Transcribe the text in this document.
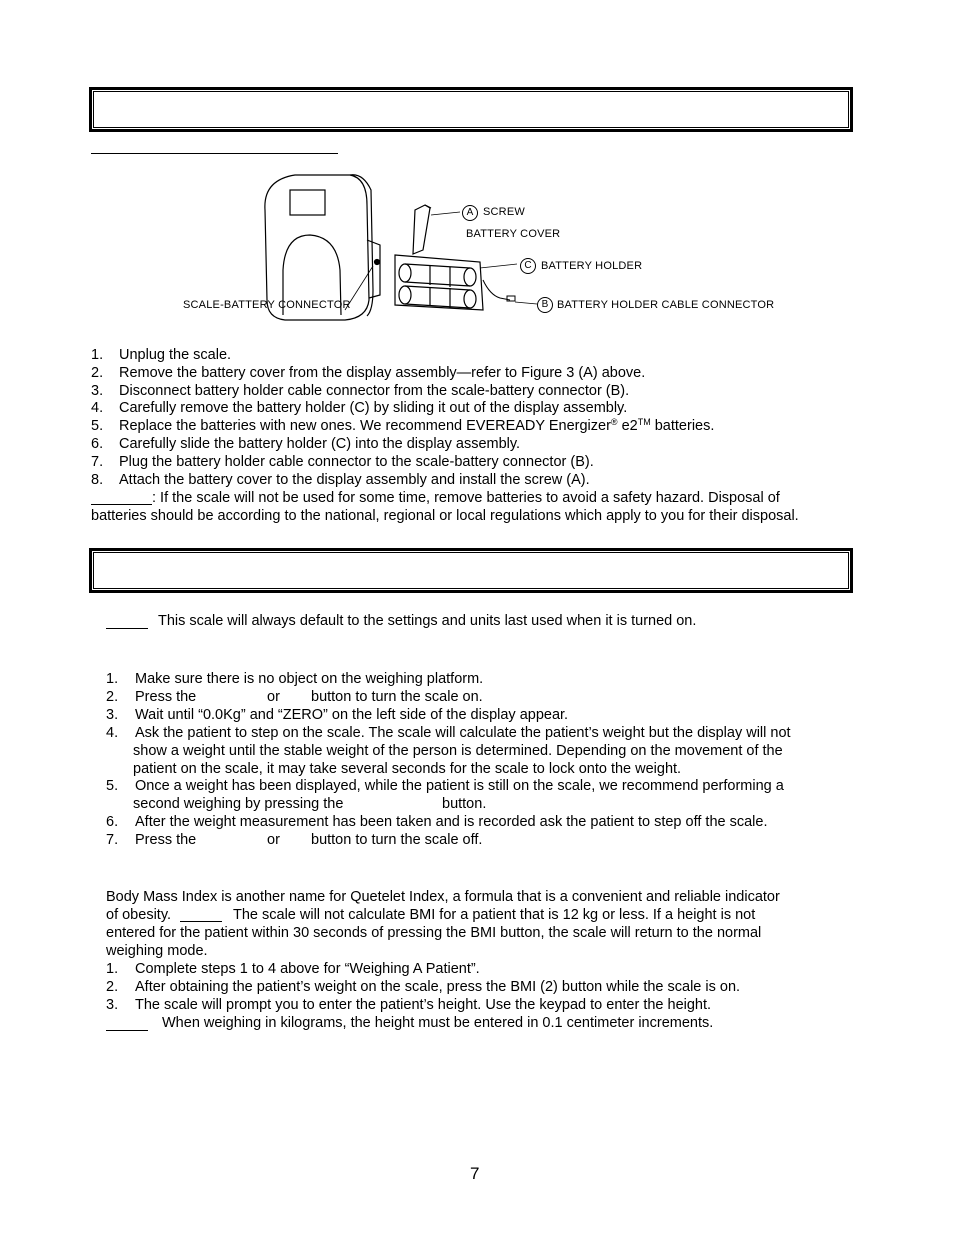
A SCREW
BATTERY COVER
C BATTERY HOLDER
B BATTERY HOLDER CABLE CONNECTOR
SCALE-BATTERY CONNECTOR
1. Unplug the scale.
2. Remove the battery cover from the display assembly—refer to Figure 3 (A) above.
3. Disconnect battery holder cable connector from the scale-battery connector (B).
4. Carefully remove the battery holder (C) by sliding it out of the display assembly.
5. Replace the batteries with new ones. We recommend EVEREADY Energizer® e2™ batteries.
6. Carefully slide the battery holder (C) into the display assembly.
7. Plug the battery holder cable connector to the scale-battery connector (B).
8. Attach the battery cover to the display assembly and install the screw (A).
: If the scale will not be used for some time, remove batteries to avoid a safety hazard. Disposal of
batteries should be according to the national, regional or local regulations which apply to you for their disposal.
This scale will always default to the settings and units last used when it is turned on.
1. Make sure there is no object on the weighing platform.
2. Press the	or button to turn the scale on.
3. Wait until “0.0Kg” and “ZERO” on the left side of the display appear.
4. Ask the patient to step on the scale. The scale will calculate the patient’s weight but the display will not
show a weight until the stable weight of the person is determined. Depending on the movement of the
patient on the scale, it may take several seconds for the scale to lock onto the weight.
5. Once a weight has been displayed, while the patient is still on the scale, we recommend performing a
second weighing by pressing the	button.
6. After the weight measurement has been taken and is recorded ask the patient to step off the scale.
7. Press the	or button to turn the scale off.
Body Mass Index is another name for Quetelet Index, a formula that is a convenient and reliable indicator
of obesity.	The scale will not calculate BMI for a patient that is 12 kg or less. If a height is not
entered for the patient within 30 seconds of pressing the BMI button, the scale will return to the normal
weighing mode.
1. Complete steps 1 to 4 above for “Weighing A Patient”.
2. After obtaining the patient’s weight on the scale, press the BMI (2) button while the scale is on.
3. The scale will prompt you to enter the patient’s height. Use the keypad to enter the height.
When weighing in kilograms, the height must be entered in 0.1 centimeter increments.
7
